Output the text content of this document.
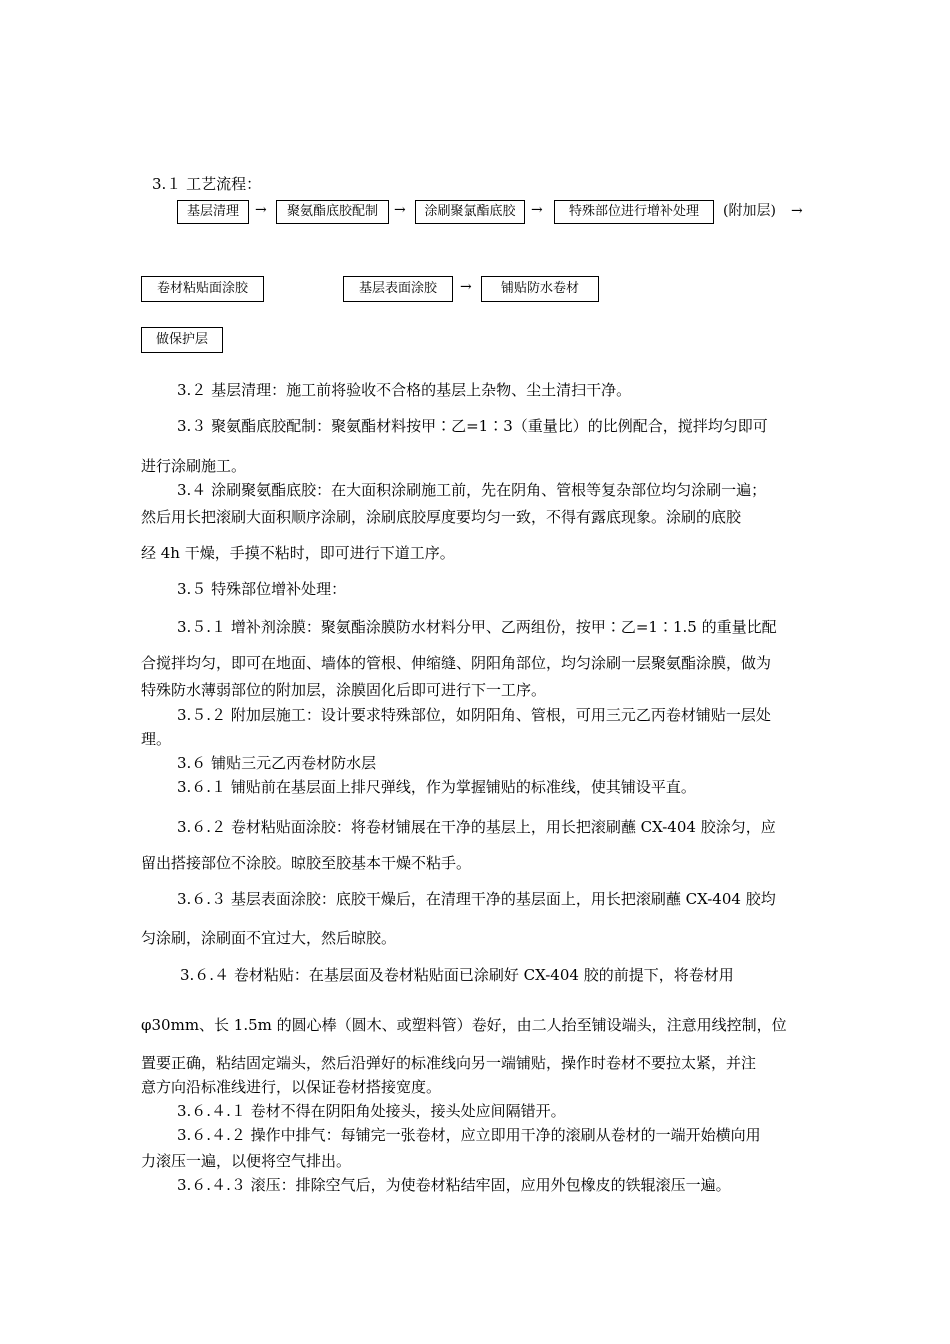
3.１ 工艺流程：
基层清理	→	聚氨酯底胶配制	→	涂刷聚氯酯底胶	→	特殊部位进行增补处理	(附加层) →
卷材粘贴面涂胶	基层表面涂胶	→	铺贴防水卷材
做保护层
3.２ 基层清理：施工前将验收不合格的基层上杂物、尘土清扫干净。
3.３ 聚氨酯底胶配制：聚氨酯材料按甲∶乙=1∶3（重量比）的比例配合，搅拌均匀即可
进行涂刷施工。
3.４ 涂刷聚氨酯底胶：在大面积涂刷施工前，先在阴角、管根等复杂部位均匀涂刷一遍；
然后用长把滚刷大面积顺序涂刷，涂刷底胶厚度要均匀一致，不得有露底现象。涂刷的底胶
经 4h 干燥，手摸不粘时，即可进行下道工序。
3.５ 特殊部位增补处理：
3.５.１ 增补剂涂膜：聚氨酯涂膜防水材料分甲、乙两组份，按甲∶乙=1∶1.5 的重量比配
合搅拌均匀，即可在地面、墙体的管根、伸缩缝、阴阳角部位，均匀涂刷一层聚氨酯涂膜，做为
特殊防水薄弱部位的附加层，涂膜固化后即可进行下一工序。
3.５.２ 附加层施工：设计要求特殊部位，如阴阳角、管根，可用三元乙丙卷材铺贴一层处
理。
3.６ 铺贴三元乙丙卷材防水层
3.６.１ 铺贴前在基层面上排尺弹线，作为掌握铺贴的标准线，使其铺设平直。
3.６.２ 卷材粘贴面涂胶：将卷材铺展在干净的基层上，用长把滚刷蘸 CX-404 胶涂匀，应
留出搭接部位不涂胶。晾胶至胶基本干燥不粘手。
3.６.３ 基层表面涂胶：底胶干燥后，在清理干净的基层面上，用长把滚刷蘸 CX-404 胶均
匀涂刷，涂刷面不宜过大，然后晾胶。
3.６.４ 卷材粘贴：在基层面及卷材粘贴面已涂刷好 CX-404 胶的前提下，将卷材用
φ30mm、长 1.5m 的圆心棒（圆木、或塑料管）卷好，由二人抬至铺设端头，注意用线控制，位
置要正确，粘结固定端头，然后沿弹好的标准线向另一端铺贴，操作时卷材不要拉太紧，并注
意方向沿标准线进行，以保证卷材搭接宽度。
3.６.４.１ 卷材不得在阴阳角处接头，接头处应间隔错开。
3.６.４.２ 操作中排气：每铺完一张卷材，应立即用干净的滚刷从卷材的一端开始横向用
力滚压一遍，以便将空气排出。
3.６.４.３ 滚压：排除空气后，为使卷材粘结牢固，应用外包橡皮的铁辊滚压一遍。
